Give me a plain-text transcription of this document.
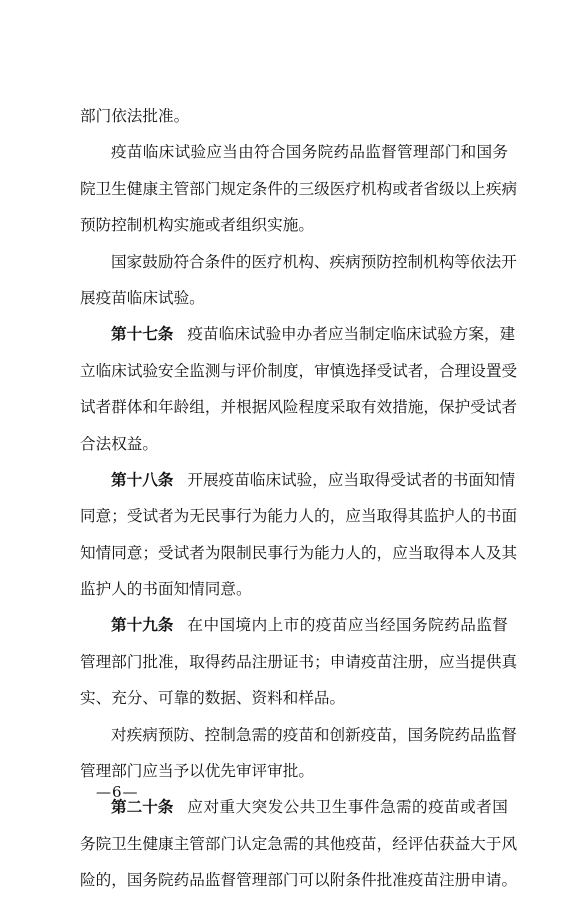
部门依法批准。
疫 苗 临 床 试 验 应 当 由 符 合 国 务 院 药 品 监 督 管 理 部 门 和 国 务
院 卫 生 健 康 主 管 部 门 规 定 条 件 的 三 级 医 疗 机 构 或 者 省 级 以 上 疾 病
预防控制机构实施或者组织实施。
国 家 鼓 励 符 合 条 件 的 医 疗 机 构 、 疾 病 预 防 控 制 机 构 等 依 法 开
展疫苗临床试验。
第十七条 疫 苗 临 床 试 验 申 办 者 应 当 制 定 临 床 试 验 方 案 ， 建
立 临 床 试 验 安 全 监 测 与 评 价 制 度 ， 审 慎 选 择 受 试 者 ， 合 理 设 置 受
试 者 群 体 和 年 龄 组 ， 并 根 据 风 险 程 度 采 取 有 效 措 施 ， 保 护 受 试 者
合法权益。
第十八条 开 展 疫 苗 临 床 试 验 ， 应 当 取 得 受 试 者 的 书 面 知 情
同 意 ； 受 试 者 为 无 民 事 行 为 能 力 人 的 ， 应 当 取 得 其 监 护 人 的 书 面
知 情 同 意 ； 受 试 者 为 限 制 民 事 行 为 能 力 人 的 ， 应 当 取 得 本 人 及 其
监护人的书面知情同意。
第十九条 在 中 国 境 内 上 市 的 疫 苗 应 当 经 国 务 院 药 品 监 督
管 理 部 门 批 准 ， 取 得 药 品 注 册 证 书 ； 申 请 疫 苗 注 册 ， 应 当 提 供 真
实、充分、可靠的数据、资料和样品。
对 疾 病 预 防 、 控 制 急 需 的 疫 苗 和 创 新 疫 苗 ， 国 务 院 药 品 监 督
管理部门应当予以优先审评审批。
第二十条 应 对 重 大 突 发 公 共 卫 生 事 件 急 需 的 疫 苗 或 者 国
务 院 卫 生 健 康 主 管 部 门 认 定 急 需 的 其 他 疫 苗 ， 经 评 估 获 益 大 于 风
险 的 ， 国 务 院 药 品 监 督 管 理 部 门 可 以 附 条 件 批 准 疫 苗 注 册 申 请 。
—6—
